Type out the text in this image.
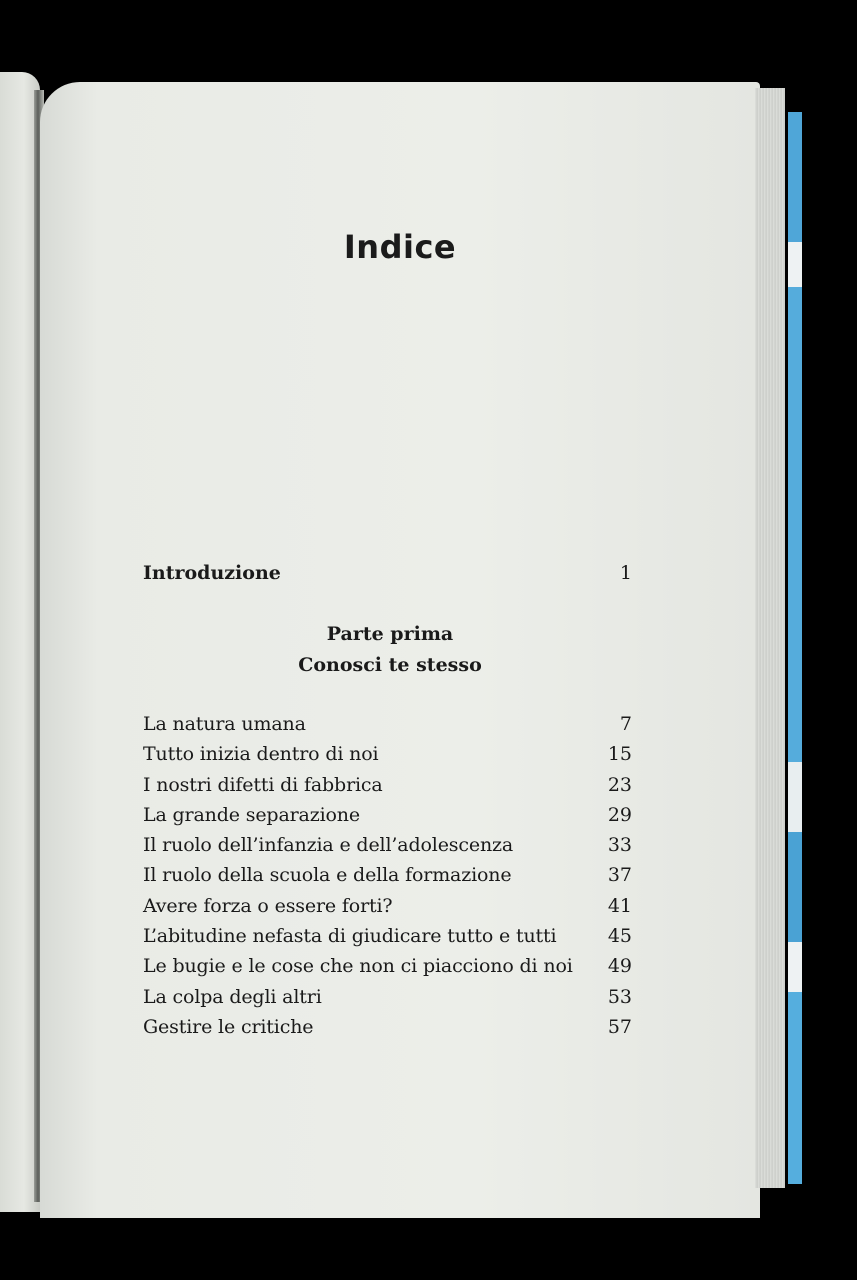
Indice
Introduzione	1
Parte prima
Conosci te stesso
La natura umana	7
Tutto inizia dentro di noi	15
I nostri difetti di fabbrica	23
La grande separazione	29
Il ruolo dell’infanzia e dell’adolescenza	33
Il ruolo della scuola e della formazione	37
Avere forza o essere forti?	41
L’abitudine nefasta di giudicare tutto e tutti	45
Le bugie e le cose che non ci piacciono di noi 49
La colpa degli altri	53
Gestire le critiche	57
